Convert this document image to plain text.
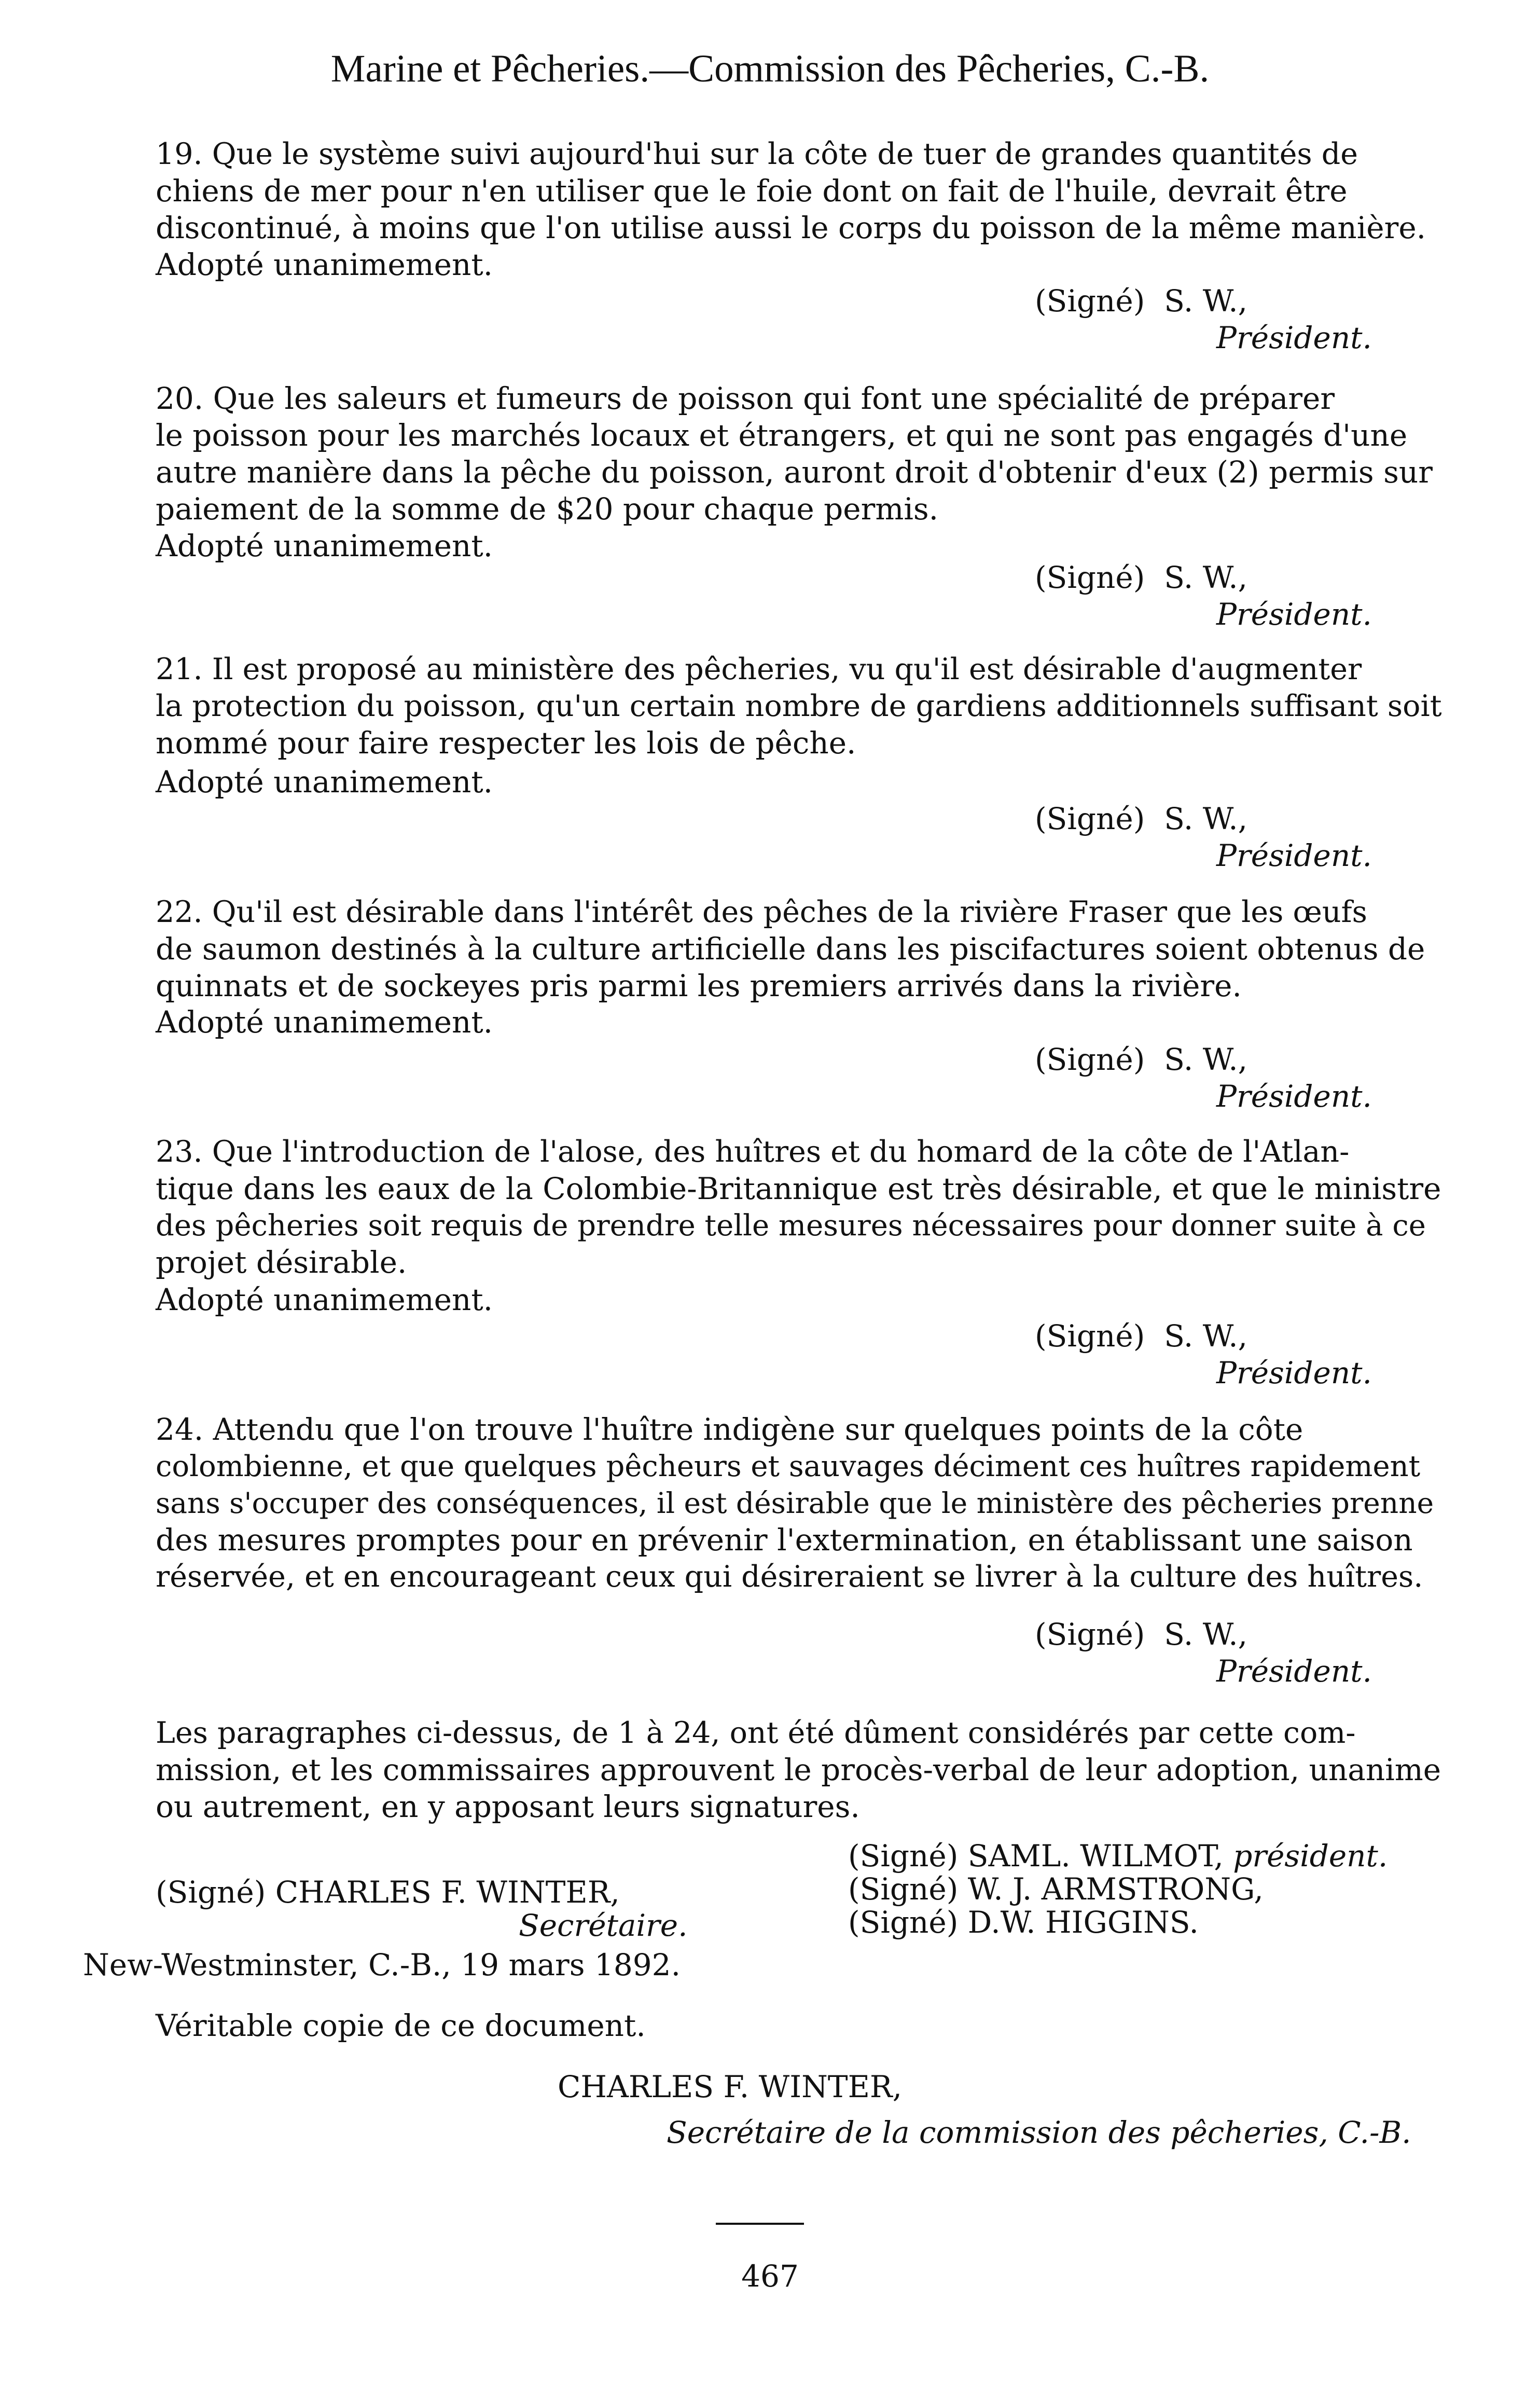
Marine et Pêcheries.—Commission des Pêcheries, C.-B.
19. Que le système suivi aujourd'hui sur la côte de tuer de grandes quantités de
chiens de mer pour n'en utiliser que le foie dont on fait de l'huile, devrait être
discontinué, à moins que l'on utilise aussi le corps du poisson de la même manière.
Adopté unanimement.
(Signé) S. W.,
Président.
20. Que les saleurs et fumeurs de poisson qui font une spécialité de préparer
le poisson pour les marchés locaux et étrangers, et qui ne sont pas engagés d'une
autre manière dans la pêche du poisson, auront droit d'obtenir d'eux (2) permis sur
paiement de la somme de $20 pour chaque permis.
Adopté unanimement.
(Signé) S. W.,
Président.
21. Il est proposé au ministère des pêcheries, vu qu'il est désirable d'augmenter
la protection du poisson, qu'un certain nombre de gardiens additionnels suffisant soit
nommé pour faire respecter les lois de pêche.
Adopté unanimement.
(Signé) S. W.,
Président.
22. Qu'il est désirable dans l'intérêt des pêches de la rivière Fraser que les œufs
de saumon destinés à la culture artificielle dans les piscifactures soient obtenus de
quinnats et de sockeyes pris parmi les premiers arrivés dans la rivière.
Adopté unanimement.
(Signé) S. W.,
Président.
23. Que l'introduction de l'alose, des huîtres et du homard de la côte de l'Atlan-
tique dans les eaux de la Colombie-Britannique est très désirable, et que le ministre
des pêcheries soit requis de prendre telle mesures nécessaires pour donner suite à ce
projet désirable.
Adopté unanimement.
(Signé) S. W.,
Président.
24. Attendu que l'on trouve l'huître indigène sur quelques points de la côte
colombienne, et que quelques pêcheurs et sauvages déciment ces huîtres rapidement
sans s'occuper des conséquences, il est désirable que le ministère des pêcheries prenne
des mesures promptes pour en prévenir l'extermination, en établissant une saison
réservée, et en encourageant ceux qui désireraient se livrer à la culture des huîtres.
(Signé) S. W.,
Président.
Les paragraphes ci-dessus, de 1 à 24, ont été dûment considérés par cette com-
mission, et les commissaires approuvent le procès-verbal de leur adoption, unanime
ou autrement, en y apposant leurs signatures.
(Signé) SAML. WILMOT, président.
(Signé) W. J. ARMSTRONG,
(Signé) D.W. HIGGINS.
(Signé) CHARLES F. WINTER,
Secrétaire.
New-Westminster, C.-B., 19 mars 1892.
Véritable copie de ce document.
CHARLES F. WINTER,
Secrétaire de la commission des pêcheries, C.-B.
467
